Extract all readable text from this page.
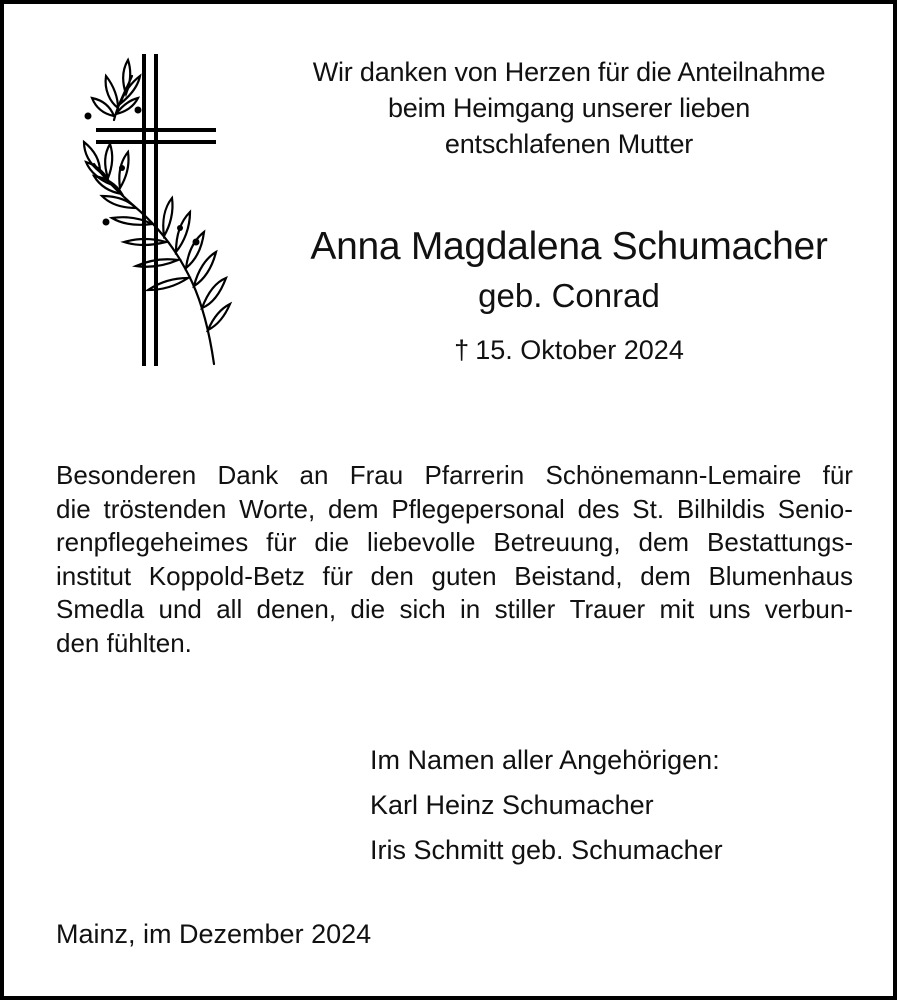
Wir danken von Herzen für die Anteilnahme
beim Heimgang unserer lieben
entschlafenen Mutter
Anna Magdalena Schumacher
geb. Conrad
† 15. Oktober 2024
Besonderen Dank an Frau Pfarrerin Schönemann-Lemaire für
die tröstenden Worte, dem Pflegepersonal des St. Bilhildis Senio-
renpflegeheimes für die liebevolle Betreuung, dem Bestattungs-
institut Koppold-Betz für den guten Beistand, dem Blumenhaus
Smedla und all denen, die sich in stiller Trauer mit uns verbun-
den fühlten.
Im Namen aller Angehörigen:
Karl Heinz Schumacher
Iris Schmitt geb. Schumacher
Mainz, im Dezember 2024
